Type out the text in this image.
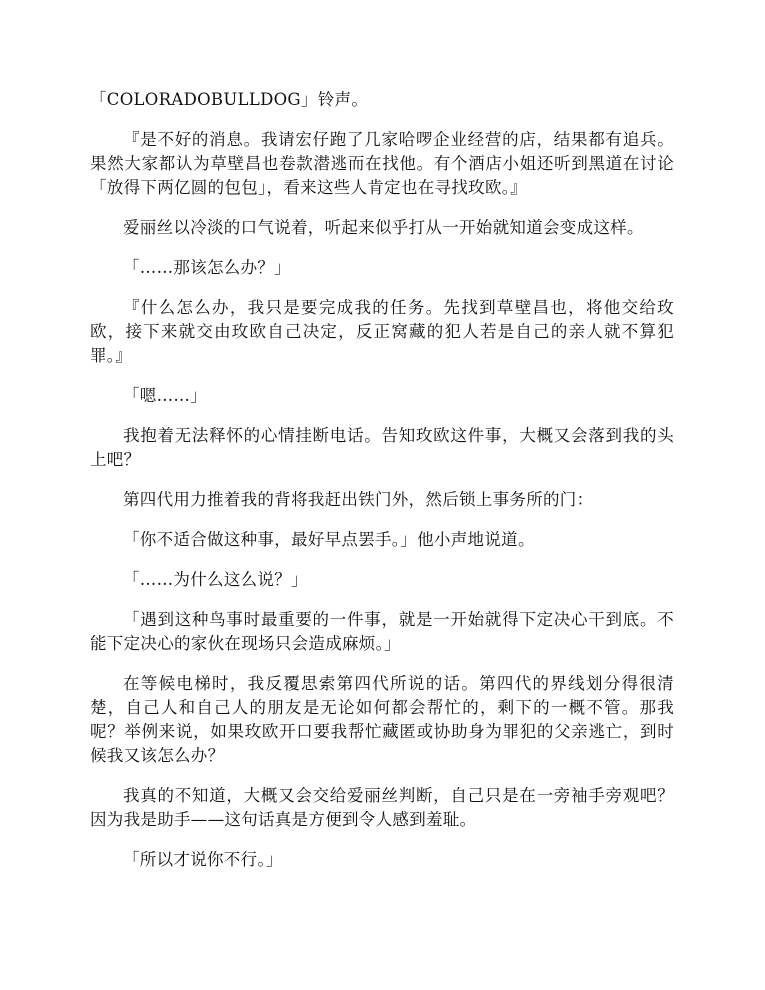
「COLORADOBULLDOG」铃声。

『是不好的消息。我请宏仔跑了几家哈啰企业经营的店，结果都有追兵。果然大家都认为草壁昌也卷款潜逃而在找他。有个酒店小姐还听到黑道在讨论「放得下两亿圆的包包」，看来这些人肯定也在寻找玫欧。』

爱丽丝以冷淡的口气说着，听起来似乎打从一开始就知道会变成这样。

「……那该怎么办？」

『什么怎么办，我只是要完成我的任务。先找到草壁昌也，将他交给玫欧，接下来就交由玫欧自己决定，反正窝藏的犯人若是自己的亲人就不算犯罪。』

「嗯……」

我抱着无法释怀的心情挂断电话。告知玫欧这件事，大概又会落到我的头上吧？

第四代用力推着我的背将我赶出铁门外，然后锁上事务所的门：

「你不适合做这种事，最好早点罢手。」他小声地说道。

「……为什么这么说？」

「遇到这种鸟事时最重要的一件事，就是一开始就得下定决心干到底。不能下定决心的家伙在现场只会造成麻烦。」

在等候电梯时，我反覆思索第四代所说的话。第四代的界线划分得很清楚，自己人和自己人的朋友是无论如何都会帮忙的，剩下的一概不管。那我呢？举例来说，如果玫欧开口要我帮忙藏匿或协助身为罪犯的父亲逃亡，到时候我又该怎么办？

我真的不知道，大概又会交给爱丽丝判断，自己只是在一旁袖手旁观吧？因为我是助手——这句话真是方便到令人感到羞耻。

「所以才说你不行。」
